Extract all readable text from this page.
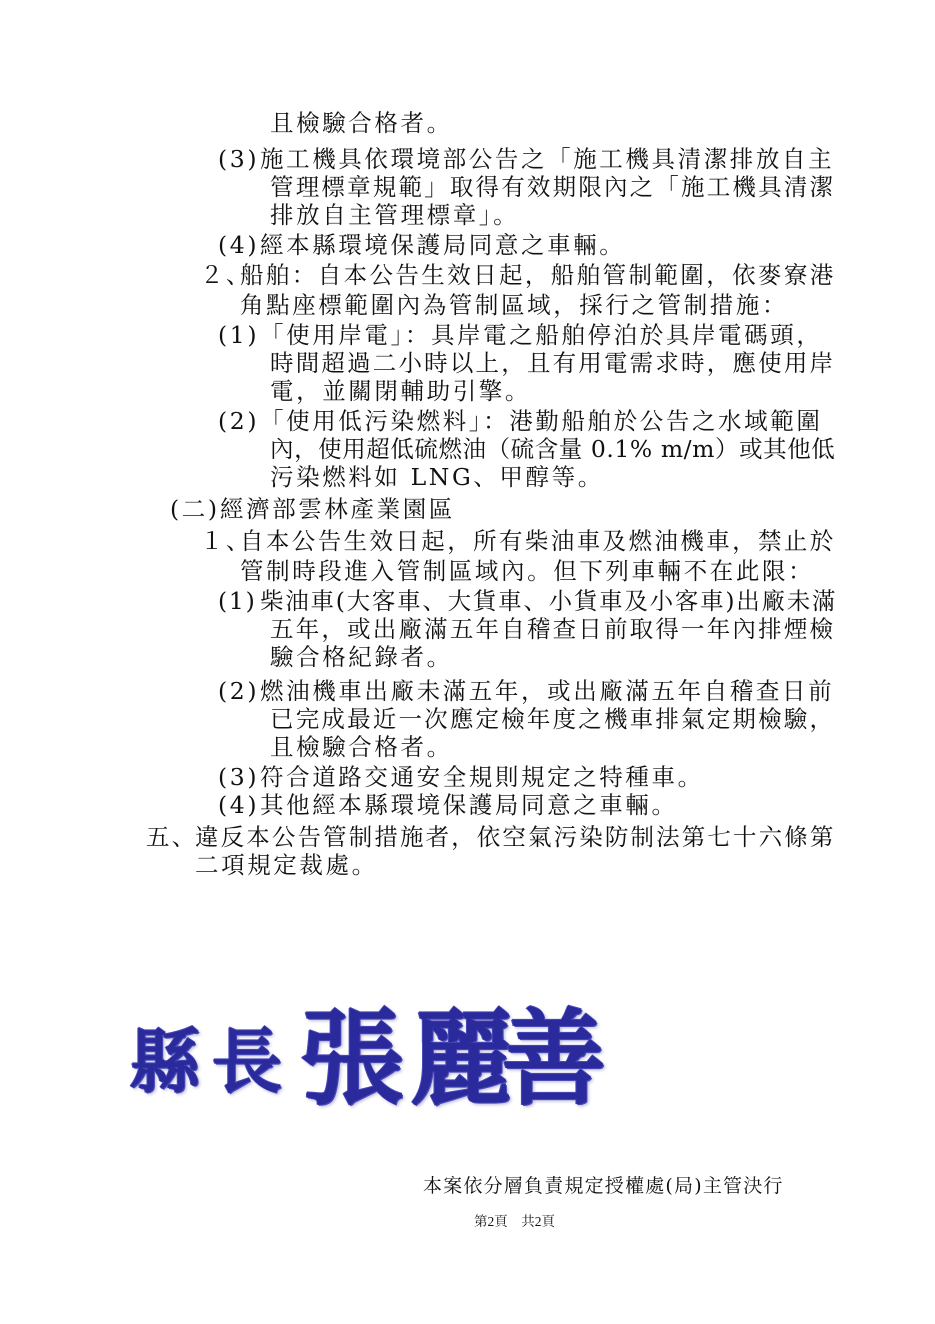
且檢驗合格者。
(3)施工機具依環境部公告之「施工機具清潔排放自主
管理標章規範」取得有效期限內之「施工機具清潔
排放自主管理標章」。
(4)經本縣環境保護局同意之車輛。
２、船舶：自本公告生效日起，船舶管制範圍，依麥寮港
角點座標範圍內為管制區域，採行之管制措施：
(1)「使用岸電」：具岸電之船舶停泊於具岸電碼頭，
時間超過二小時以上，且有用電需求時，應使用岸
電，並關閉輔助引擎。
(2)「使用低污染燃料」：港勤船舶於公告之水域範圍
內，使用超低硫燃油（硫含量 0.1% m/m）或其他低
污染燃料如 LNG、甲醇等。
(二)經濟部雲林產業園區
１、自本公告生效日起，所有柴油車及燃油機車，禁止於
管制時段進入管制區域內。但下列車輛不在此限：
(1) 柴油車(大客車、大貨車、小貨車及小客車)出廠未滿
五年，或出廠滿五年自稽查日前取得一年內排煙檢
驗合格紀錄者。
(2)燃油機車出廠未滿五年，或出廠滿五年自稽查日前
已完成最近一次應定檢年度之機車排氣定期檢驗，
且檢驗合格者。
(3)符合道路交通安全規則規定之特種車。
(4)其他經本縣環境保護局同意之車輛。
五、違反本公告管制措施者，依空氣污染防制法第七十六條第
二項規定裁處。
縣 長 張 麗
善
本案依分層負責規定授權處(局)主管決行
第2頁　共2頁
